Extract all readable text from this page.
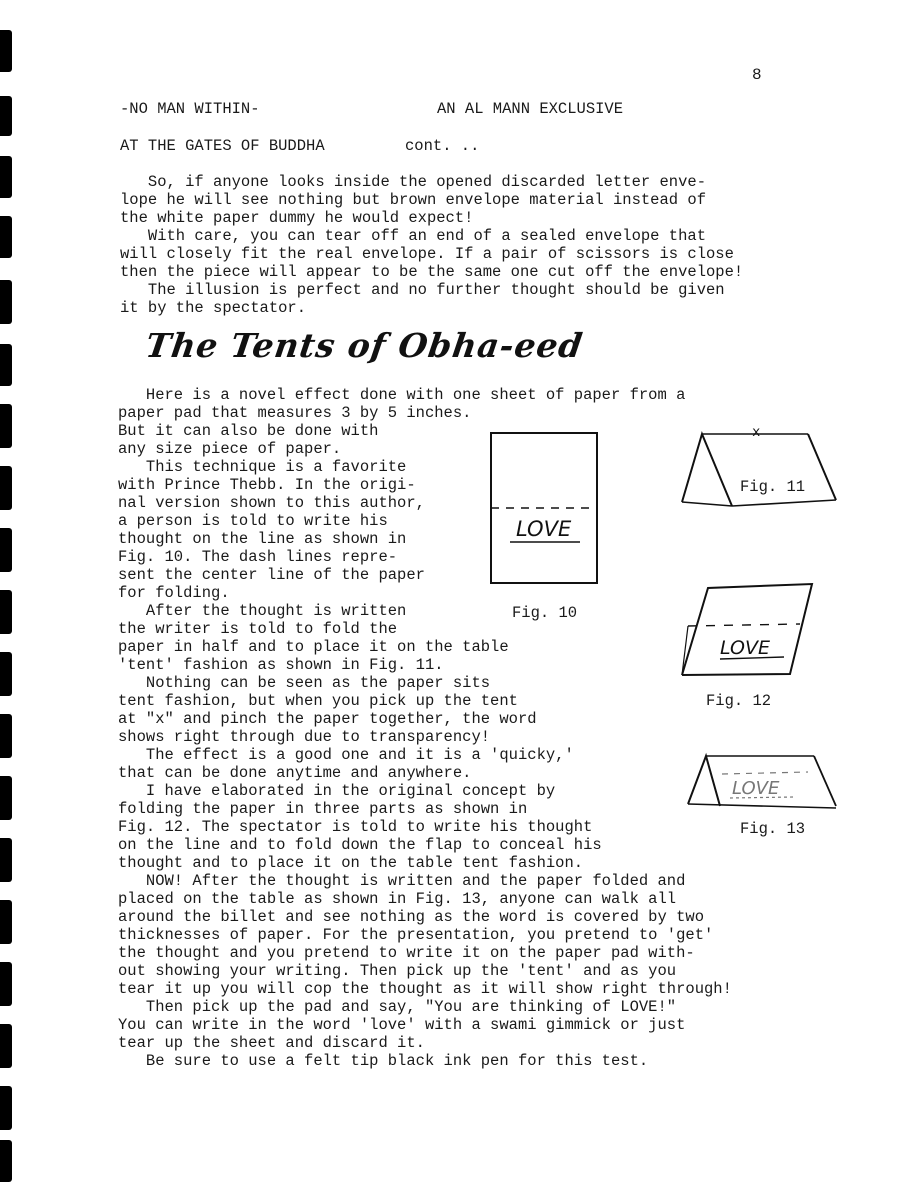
8
-NO MAN WITHIN-	AN AL MANN EXCLUSIVE
AT THE GATES OF BUDDHA	cont. ..
So, if anyone looks inside the opened discarded letter enve-
lope he will see nothing but brown envelope material instead of
the white paper dummy he would expect!
With care, you can tear off an end of a sealed envelope that
will closely fit the real envelope. If a pair of scissors is close
then the piece will appear to be the same one cut off the envelope!
The illusion is perfect and no further thought should be given
it by the spectator.
The Tents of Obha-eed
Here is a novel effect done with one sheet of paper from a
paper pad that measures 3 by 5 inches.
But it can also be done with
any size piece of paper.
This technique is a favorite
with Prince Thebb. In the origi-
nal version shown to this author,
a person is told to write his
thought on the line as shown in
Fig. 10. The dash lines repre-
sent the center line of the paper
for folding.
After the thought is written
the writer is told to fold the
paper in half and to place it on the table
'tent' fashion as shown in Fig. 11.
Nothing can be seen as the paper sits
tent fashion, but when you pick up the tent
at "x" and pinch the paper together, the word
shows right through due to transparency!
The effect is a good one and it is a 'quicky,'
that can be done anytime and anywhere.
I have elaborated in the original concept by
folding the paper in three parts as shown in
Fig. 12. The spectator is told to write his thought
on the line and to fold down the flap to conceal his
thought and to place it on the table tent fashion.
NOW! After the thought is written and the paper folded and
placed on the table as shown in Fig. 13, anyone can walk all
around the billet and see nothing as the word is covered by two
thicknesses of paper. For the presentation, you pretend to 'get'
the thought and you pretend to write it on the paper pad with-
out showing your writing. Then pick up the 'tent' and as you
tear it up you will cop the thought as it will show right through!
Then pick up the pad and say, "You are thinking of LOVE!"
You can write in the word 'love' with a swami gimmick or just
tear up the sheet and discard it.
Be sure to use a felt tip black ink pen for this test.
LOVE
Fig. 10
x
Fig. 11
LOVE
Fig. 12
LOVE
Fig. 13
